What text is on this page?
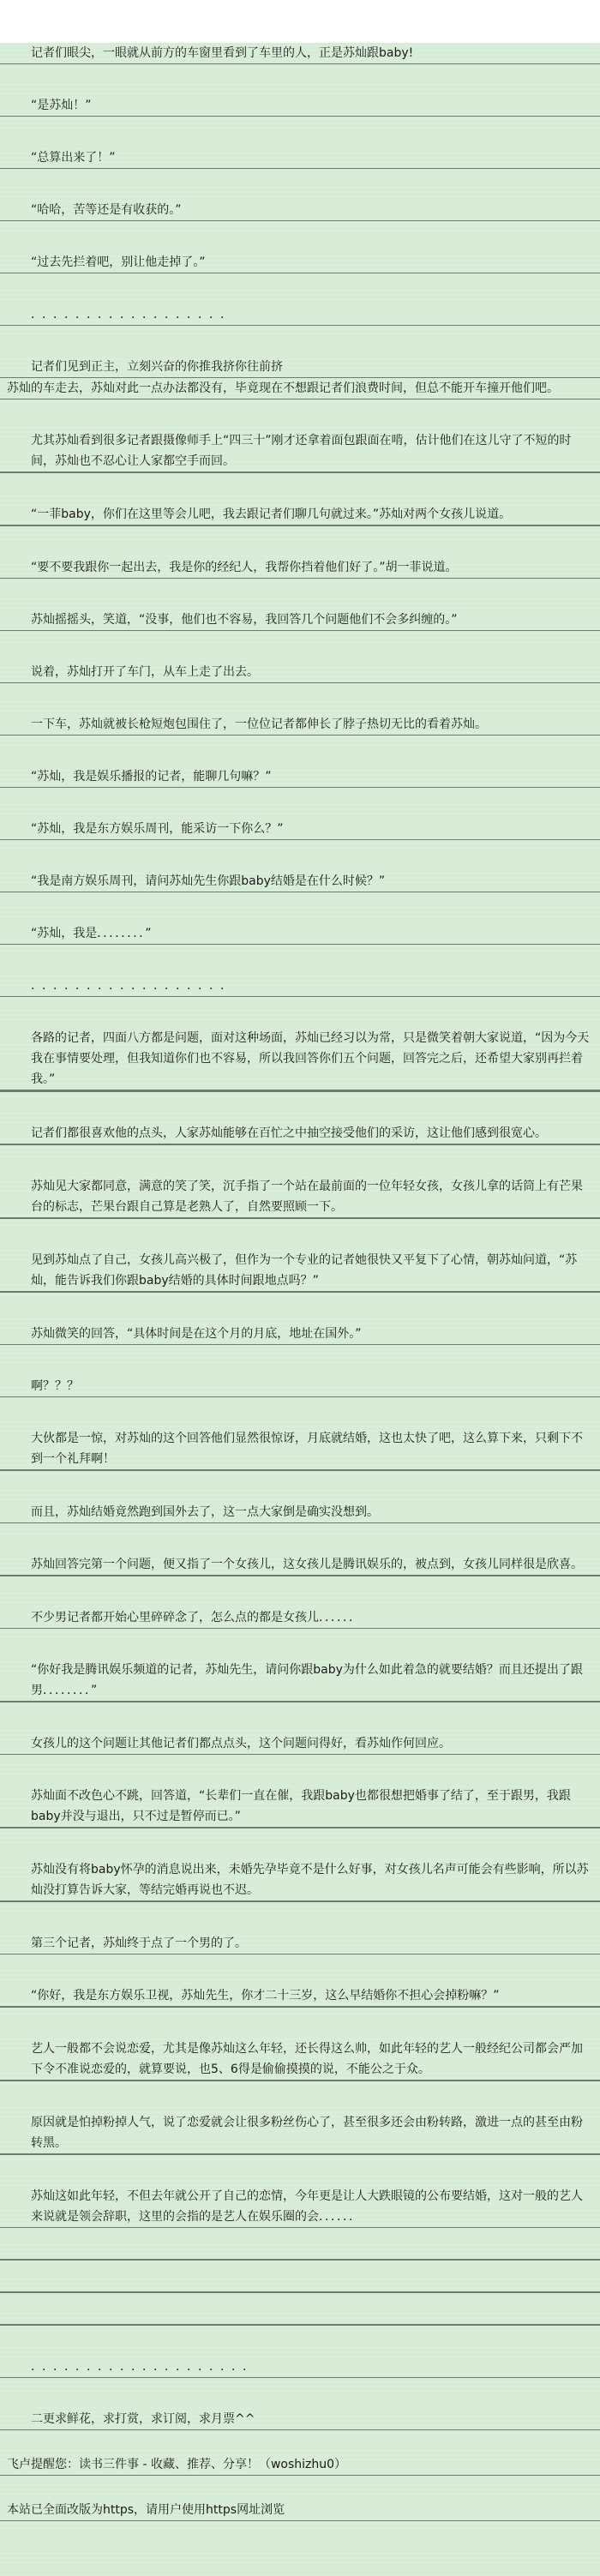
记者们眼尖，一眼就从前方的车窗里看到了车里的人，正是苏灿跟baby!
“是苏灿！”
“总算出来了！”
“哈哈，苦等还是有收获的。”
“过去先拦着吧，别让他走掉了。”
．．．．．．．．．．．．．．．．．．
记者们见到正主，立刻兴奋的你推我挤你往前挤
苏灿的车走去，苏灿对此一点办法都没有，毕竟现在不想跟记者们浪费时间，但总不能开车撞开他们吧。
尤其苏灿看到很多记者跟摄像师手上“四三十”刚才还拿着面包跟面在啃，估计他们在这儿守了不短的时间，苏灿也不忍心让人家都空手而回。
“一菲baby，你们在这里等会儿吧，我去跟记者们聊几句就过来。”苏灿对两个女孩儿说道。
“要不要我跟你一起出去，我是你的经纪人，我帮你挡着他们好了。”胡一菲说道。
苏灿摇摇头，笑道，“没事，他们也不容易，我回答几个问题他们不会多纠缠的。”
说着，苏灿打开了车门，从车上走了出去。
一下车，苏灿就被长枪短炮包围住了，一位位记者都伸长了脖子热切无比的看着苏灿。
“苏灿，我是娱乐播报的记者，能聊几句嘛？”
“苏灿，我是东方娱乐周刊，能采访一下你么？”
“我是南方娱乐周刊，请问苏灿先生你跟baby结婚是在什么时候？”
“苏灿，我是．．．．．．．．”
．．．．．．．．．．．．．．．．．．
各路的记者，四面八方都是问题，面对这种场面，苏灿已经习以为常，只是微笑着朝大家说道，“因为今天我在事情要处理，但我知道你们也不容易，所以我回答你们五个问题，回答完之后，还希望大家别再拦着我。”
记者们都很喜欢他的点头，人家苏灿能够在百忙之中抽空接受他们的采访，这让他们感到很宽心。
苏灿见大家都同意，满意的笑了笑，沉手指了一个站在最前面的一位年轻女孩，女孩儿拿的话筒上有芒果台的标志，芒果台跟自己算是老熟人了，自然要照顾一下。
见到苏灿点了自己，女孩儿高兴极了，但作为一个专业的记者她很快又平复下了心情，朝苏灿问道，“苏灿，能告诉我们你跟baby结婚的具体时间跟地点吗？”
苏灿微笑的回答，“具体时间是在这个月的月底，地址在国外。”
啊？？？
大伙都是一惊，对苏灿的这个回答他们显然很惊讶，月底就结婚，这也太快了吧，这么算下来，只剩下不到一个礼拜啊！
而且，苏灿结婚竟然跑到国外去了，这一点大家倒是确实没想到。
苏灿回答完第一个问题，便又指了一个女孩儿，这女孩儿是腾讯娱乐的，被点到，女孩儿同样很是欣喜。
不少男记者都开始心里碎碎念了，怎么点的都是女孩儿．．．．．．
“你好我是腾讯娱乐频道的记者，苏灿先生，请问你跟baby为什么如此着急的就要结婚？而且还提出了跟男．．．．．．．．”
女孩儿的这个问题让其他记者们都点点头，这个问题问得好，看苏灿作何回应。
苏灿面不改色心不跳，回答道，“长辈们一直在催，我跟baby也都很想把婚事了结了，至于跟男，我跟baby并没与退出，只不过是暂停而已。”
苏灿没有将baby怀孕的消息说出来，未婚先孕毕竟不是什么好事，对女孩儿名声可能会有些影响，所以苏灿没打算告诉大家，等结完婚再说也不迟。
第三个记者，苏灿终于点了一个男的了。
“你好，我是东方娱乐卫视，苏灿先生，你才二十三岁，这么早结婚你不担心会掉粉嘛？”
艺人一般都不会说恋爱，尤其是像苏灿这么年轻，还长得这么帅，如此年轻的艺人一般经纪公司都会严加下令不准说恋爱的，就算要说，也5、6得是偷偷摸摸的说，不能公之于众。
原因就是怕掉粉掉人气，说了恋爱就会让很多粉丝伤心了，甚至很多还会由粉转路，激进一点的甚至由粉转黑。
苏灿这如此年轻，不但去年就公开了自己的恋情，今年更是让人大跌眼镜的公布要结婚，这对一般的艺人来说就是领会辞职，这里的会指的是艺人在娱乐圈的会．．．．．．
．．．．．．．．．．．．．．．．．．．．
二更求鲜花，求打赏，求订阅，求月票^^
飞卢提醒您：读书三件事 - 收藏、推荐、分享！（woshizhu0）
本站已全面改版为https，请用户使用https网址浏览
